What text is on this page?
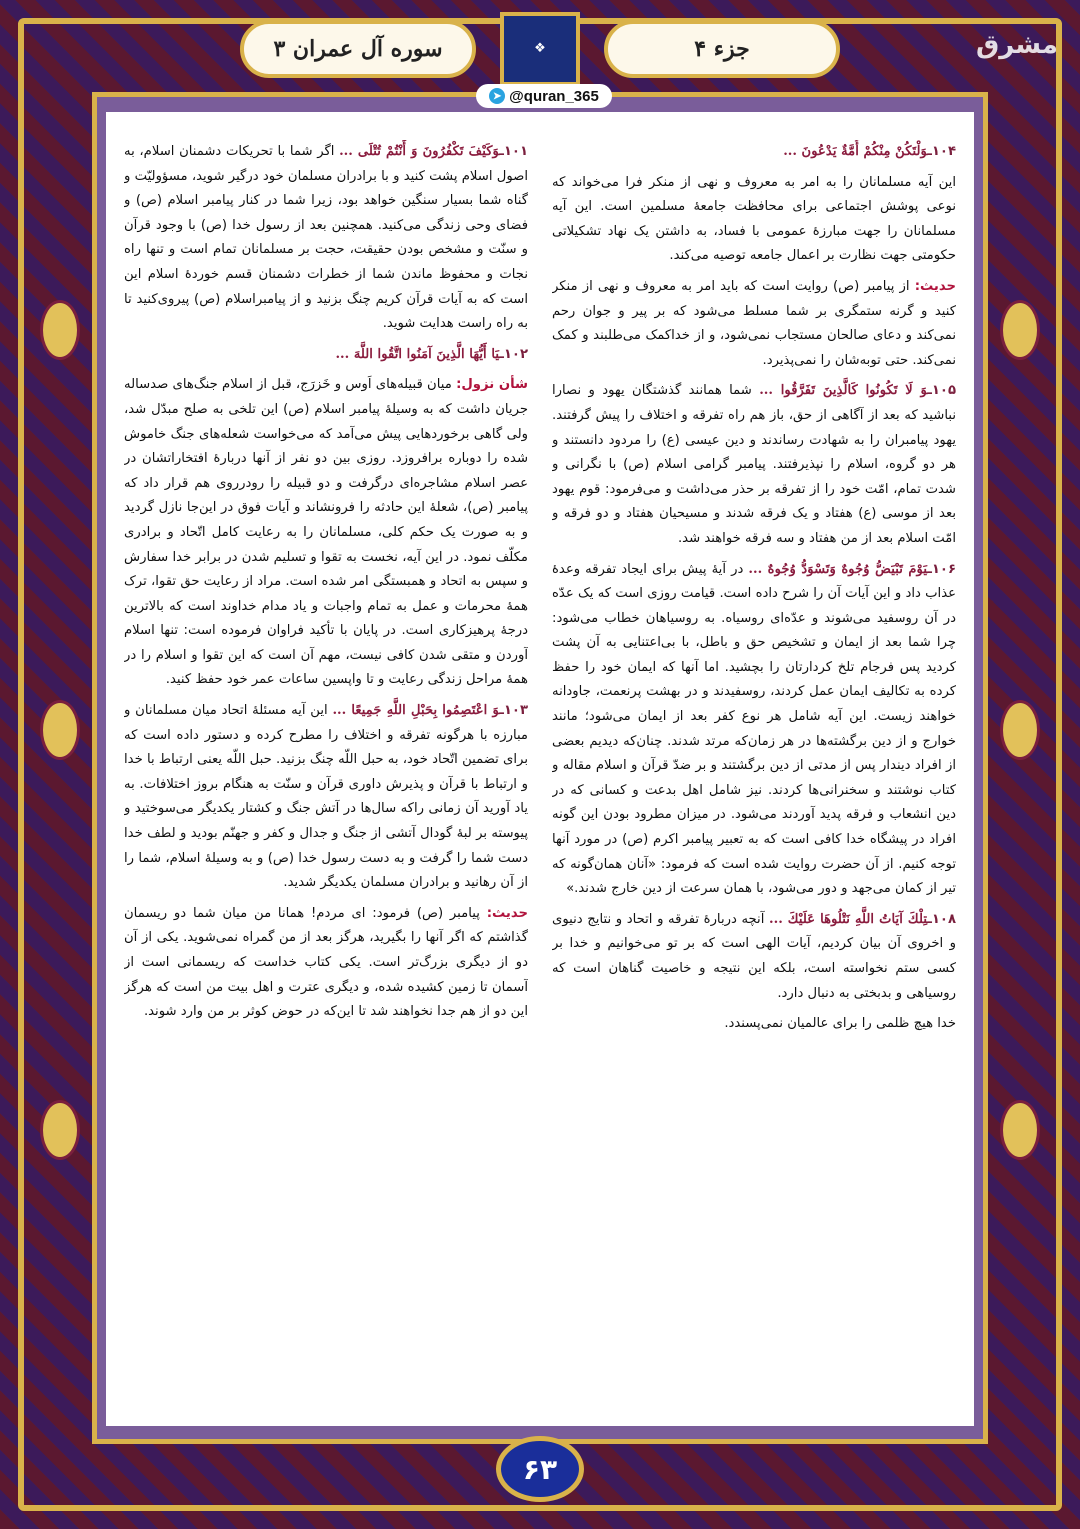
سوره آل عمران ۳	جزء ۴
❖
➤ @quran_365
مشرق

۱۰۱ـوَكَيْفَ تَكْفُرُونَ وَ أَنْتُمْ تُتْلَى ... اگر شما با تحریکات دشمنان اسلام، به اصول اسلام پشت کنید و با برادران مسلمان خود درگیر شوید، مسؤولیّت و گناه شما بسیار سنگین خواهد بود، زیرا شما در کنار پیامبر اسلام (ص) و فضای وحی زندگی می‌کنید. همچنین بعد از رسول خدا (ص) با وجود قرآن و سنّت و مشخص بودن حقیقت، حجت بر مسلمانان تمام است و تنها راه نجات و محفوظ ماندن شما از خطرات دشمنان قسم خوردهٔ اسلام این است که به آیات قرآن کریم چنگ بزنید و از پیامبراسلام (ص) پیروی‌کنید تا به راه راست هدایت شوید.

۱۰۲ـيَا أَيُّهَا الَّذِينَ آمَنُوا اتَّقُوا اللَّهَ ...

شأن نزول: میان قبیله‌های اَوس و خَزرَج، قبل از اسلام جنگ‌های صدساله جریان داشت که به وسیلهٔ پیامبر اسلام (ص) این تلخی به صلح مبدّل شد، ولی گاهی برخوردهایی پیش می‌آمد که می‌خواست شعله‌های جنگ خاموش شده را دوباره برافروزد. روزی بین دو نفر از آنها دربارهٔ افتخاراتشان در عصر اسلام مشاجره‌ای درگرفت و دو قبیله را رودرروی هم قرار داد که پیامبر (ص)، شعلهٔ این حادثه را فرونشاند و آیات فوق در این‌جا نازل گردید و به صورت یک حکم کلی، مسلمانان را به رعایت کامل اتّحاد و برادری مکلّف نمود. در این آیه، نخست به تقوا و تسلیم شدن در برابر خدا سفارش و سپس به اتحاد و همبستگی امر شده است. مراد از رعایت حق تقوا، ترک همهٔ محرمات و عمل به تمام واجبات و یاد مدام خداوند است که بالاترین درجهٔ پرهیزکاری است. در پایان با تأکید فراوان فرموده است: تنها اسلام آوردن و متقی شدن کافی نیست، مهم آن است که این تقوا و اسلام را در همهٔ مراحل زندگی رعایت و تا واپسین ساعات عمر خود حفظ کنید.

۱۰۳ـوَ اعْتَصِمُوا بِحَبْلِ اللَّهِ جَمِيعًا ... این آیه مسئلهٔ اتحاد میان مسلمانان و مبارزه با هرگونه تفرقه و اختلاف را مطرح کرده و دستور داده است که برای تضمین اتّحاد خود، به حبل اللّه چنگ بزنید. حبل اللّه یعنی ارتباط با خدا و ارتباط با قرآن و پذیرش داوری قرآن و سنّت به هنگام بروز اختلافات. به یاد آورید آن زمانی راکه سال‌ها در آتش جنگ و کشتار یکدیگر می‌سوختید و پیوسته بر لبهٔ گودال آتشی از جنگ و جدال و کفر و جهنّم بودید و لطف خدا دست شما را گرفت و به دست رسول خدا (ص) و به وسیلهٔ اسلام، شما را از آن رهانید و برادران مسلمان یکدیگر شدید.

حدیث: پیامبر (ص) فرمود: ای مردم! همانا من میان شما دو ریسمان گذاشتم که اگر آنها را بگیرید، هرگز بعد از من گمراه نمی‌شوید. یکی از آن دو از دیگری بزرگ‌تر است. یکی کتاب خداست که ریسمانی است از آسمان تا زمین کشیده شده، و دیگری عترت و اهل بیت من است که هرگز این دو از هم جدا نخواهند شد تا این‌که در حوض کوثر بر من وارد شوند.

۱۰۴ـوَلْتَكُنْ مِنْكُمْ أُمَّةٌ يَدْعُونَ ...

این آیه مسلمانان را به امر به معروف و نهی از منکر فرا می‌خواند که نوعی پوشش اجتماعی برای محافظت جامعهٔ مسلمین است. این آیه مسلمانان را جهت مبارزهٔ عمومی با فساد، به داشتن یک نهاد تشکیلاتی حکومتی جهت نظارت بر اعمال جامعه توصیه می‌کند.

حدیث: از پیامبر (ص) روایت است که باید امر به معروف و نهی از منکر کنید و گرنه ستمگری بر شما مسلط می‌شود که بر پیر و جوان رحم نمی‌کند و دعای صالحان مستجاب نمی‌شود، و از خداکمک می‌طلبند و کمک نمی‌کند. حتی توبه‌شان را نمی‌پذیرد.

۱۰۵ـوَ لَا تَكُونُوا كَالَّذِينَ تَفَرَّقُوا ... شما همانند گذشتگان یهود و نصارا نباشید که بعد از آگاهی از حق، باز هم راه تفرقه و اختلاف را پیش گرفتند. یهود پیامبران را به شهادت رساندند و دین عیسی (ع) را مردود دانستند و هر دو گروه، اسلام را نپذیرفتند. پیامبر گرامی اسلام (ص) با نگرانی و شدت تمام، امّت خود را از تفرقه بر حذر می‌داشت و می‌فرمود: قوم یهود بعد از موسی (ع) هفتاد و یک فرقه شدند و مسیحیان هفتاد و دو فرقه و امّت اسلام بعد از من هفتاد و سه فرقه خواهند شد.

۱۰۶ـيَوْمَ تَبْيَضُّ وُجُوهٌ وَتَسْوَدُّ وُجُوهٌ ... در آیهٔ پیش برای ایجاد تفرقه وعدهٔ عذاب داد و این آیات آن را شرح داده است. قیامت روزی است که یک عدّه در آن روسفید می‌شوند و عدّه‌ای روسیاه. به روسیاهان خطاب می‌شود: چرا شما بعد از ایمان و تشخیص حق و باطل، با بی‌اعتنایی به آن پشت کردید پس فرجام تلخ کردارتان را بچشید. اما آنها که ایمان خود را حفظ کرده به تکالیف ایمان عمل کردند، روسفیدند و در بهشت پرنعمت، جاودانه خواهند زیست. این آیه شامل هر نوع کفر بعد از ایمان می‌شود؛ مانند خوارج و از دین برگشته‌ها در هر زمان‌که مرتد شدند. چنان‌که دیدیم بعضی از افراد دیندار پس از مدتی از دین برگشتند و بر ضدّ قرآن و اسلام مقاله و کتاب نوشتند و سخنرانی‌ها کردند. نیز شامل اهل بدعت و کسانی که در دین انشعاب و فرقه پدید آوردند می‌شود. در میزان مطرود بودن این گونه افراد در پیشگاه خدا کافی است که به تعبیر پیامبر اکرم (ص) در مورد آنها توجه کنیم. از آن حضرت روایت شده است که فرمود: «آنان همان‌گونه که تیر از کمان می‌جهد و دور می‌شود، با همان سرعت از دین خارج شدند.»

۱۰۸ـتِلْكَ آيَاتُ اللَّهِ نَتْلُوهَا عَلَيْكَ ... آنچه دربارهٔ تفرقه و اتحاد و نتایج دنیوی و اخروی آن بیان کردیم، آیات الهی است که بر تو می‌خوانیم و خدا بر کسی ستم نخواسته است، بلکه این نتیجه و خاصیت گناهان است که روسیاهی و بدبختی به دنبال دارد.

خدا هیچ ظلمی را برای عالمیان نمی‌پسندد.

۶۳
